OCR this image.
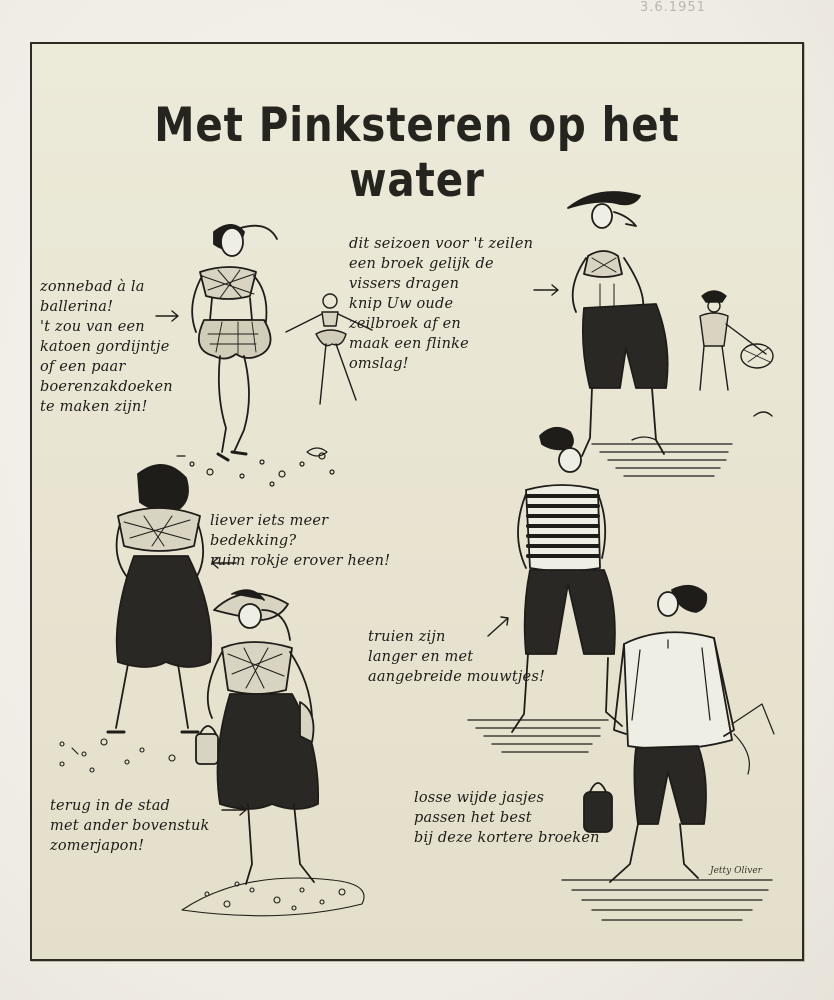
3.6.1951
Met Pinksteren op het water
zonnebad à la
ballerina!
't zou van een
katoen gordijntje
of een paar
boerenzakdoeken
te maken zijn!
dit seizoen voor 't zeilen
een broek gelijk de
vissers dragen
knip Uw oude
zeilbroek af en
maak een flinke
omslag!
liever iets meer
bedekking?
ruim rokje erover heen!
truien zijn
langer en met
aangebreide mouwtjes!
terug in de stad
met ander bovenstuk
zomerjapon!
losse wijde jasjes
passen het best
bij deze kortere broeken
Jetty Oliver
